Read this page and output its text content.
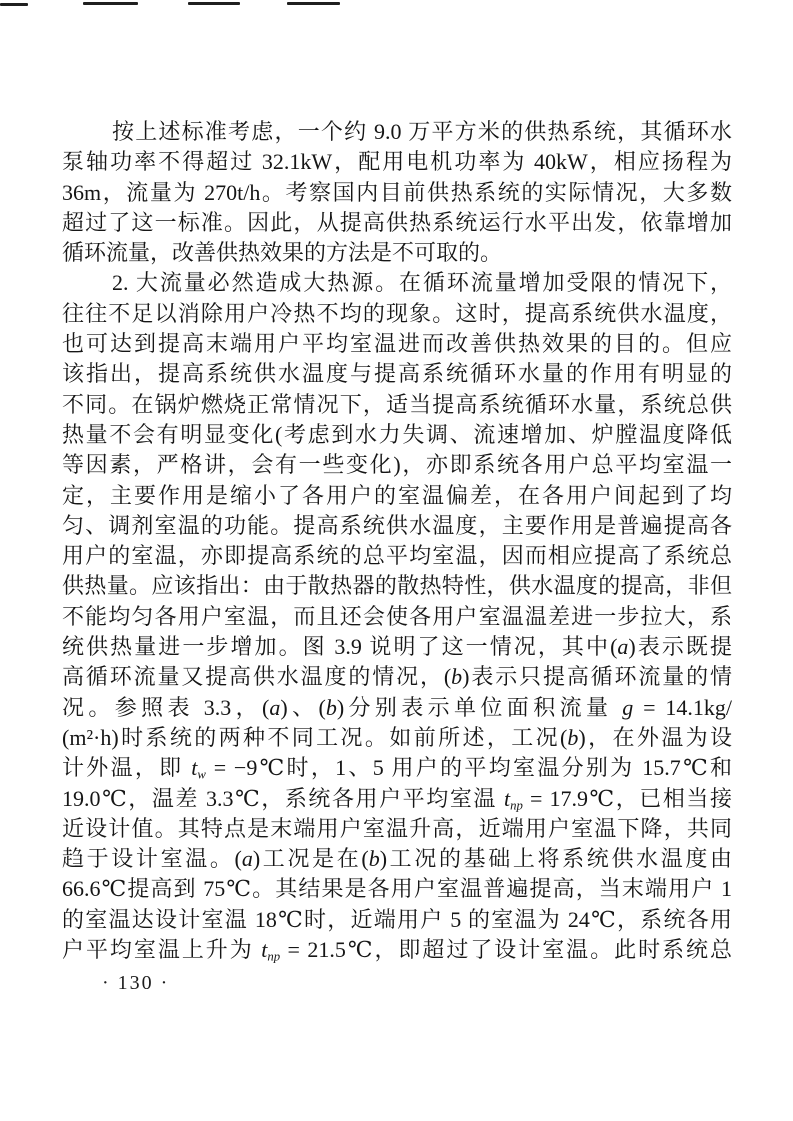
按上述标准考虑，一个约 9.0 万平方米的供热系统，其循环水
泵轴功率不得超过 32.1kW，配用电机功率为 40kW，相应扬程为
36m，流量为 270t/h。考察国内目前供热系统的实际情况，大多数
超过了这一标准。因此，从提高供热系统运行水平出发，依靠增加
循环流量，改善供热效果的方法是不可取的。
2. 大流量必然造成大热源。在循环流量增加受限的情况下，
往往不足以消除用户冷热不均的现象。这时，提高系统供水温度，
也可达到提高末端用户平均室温进而改善供热效果的目的。但应
该指出，提高系统供水温度与提高系统循环水量的作用有明显的
不同。在锅炉燃烧正常情况下，适当提高系统循环水量，系统总供
热量不会有明显变化(考虑到水力失调、流速增加、炉膛温度降低
等因素，严格讲，会有一些变化)，亦即系统各用户总平均室温一
定，主要作用是缩小了各用户的室温偏差，在各用户间起到了均
匀、调剂室温的功能。提高系统供水温度，主要作用是普遍提高各
用户的室温，亦即提高系统的总平均室温，因而相应提高了系统总
供热量。应该指出：由于散热器的散热特性，供水温度的提高，非但
不能均匀各用户室温，而且还会使各用户室温温差进一步拉大，系
统供热量进一步增加。图 3.9 说明了这一情况，其中(a)表示既提
高循环流量又提高供水温度的情况，(b)表示只提高循环流量的情
况。参照表 3.3，(a)、(b)分别表示单位面积流量 g = 14.1kg/
(m²·h)时系统的两种不同工况。如前所述，工况(b)，在外温为设
计外温，即 tw = −9℃时，1、5 用户的平均室温分别为 15.7℃和
19.0℃，温差 3.3℃，系统各用户平均室温 tnp = 17.9℃，已相当接
近设计值。其特点是末端用户室温升高，近端用户室温下降，共同
趋于设计室温。(a)工况是在(b)工况的基础上将系统供水温度由
66.6℃提高到 75℃。其结果是各用户室温普遍提高，当末端用户 1
的室温达设计室温 18℃时，近端用户 5 的室温为 24℃，系统各用
户平均室温上升为 tnp = 21.5℃，即超过了设计室温。此时系统总
· 130 ·
